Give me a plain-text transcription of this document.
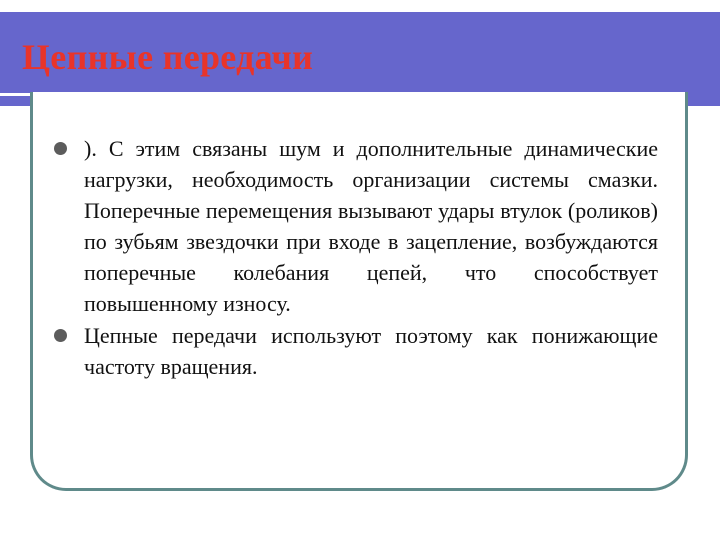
Цепные передачи
). С этим связаны шум и дополнительные динамические нагрузки, необходимость организации системы смазки. Поперечные перемещения вызывают удары втулок (роликов) по зубьям звездочки при входе в зацепление, возбуждаются поперечные колебания цепей, что способствует повышенному износу.
Цепные передачи используют поэтому как понижающие частоту вращения.
